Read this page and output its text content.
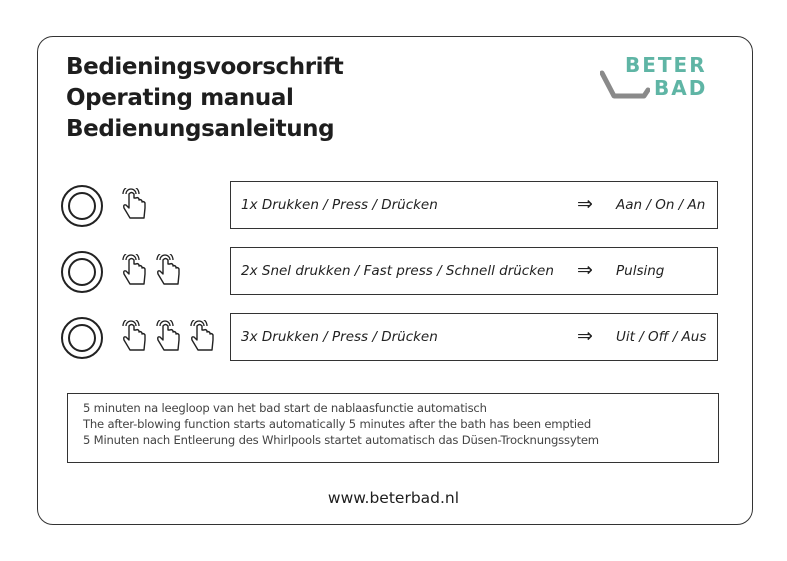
Bedieningsvoorschrift
Operating manual
Bedienungsanleitung
BETER
BAD
1x Drukken / Press / Drücken	⇒ Aan / On / An
2x Snel drukken / Fast press / Schnell drücken ⇒ Pulsing
3x Drukken / Press / Drücken	⇒ Uit / Off / Aus
5 minuten na leegloop van het bad start de nablaasfunctie automatisch
The after-blowing function starts automatically 5 minutes after the bath has been emptied
5 Minuten nach Entleerung des Whirlpools startet automatisch das Düsen-Trocknungssytem
www.beterbad.nl
